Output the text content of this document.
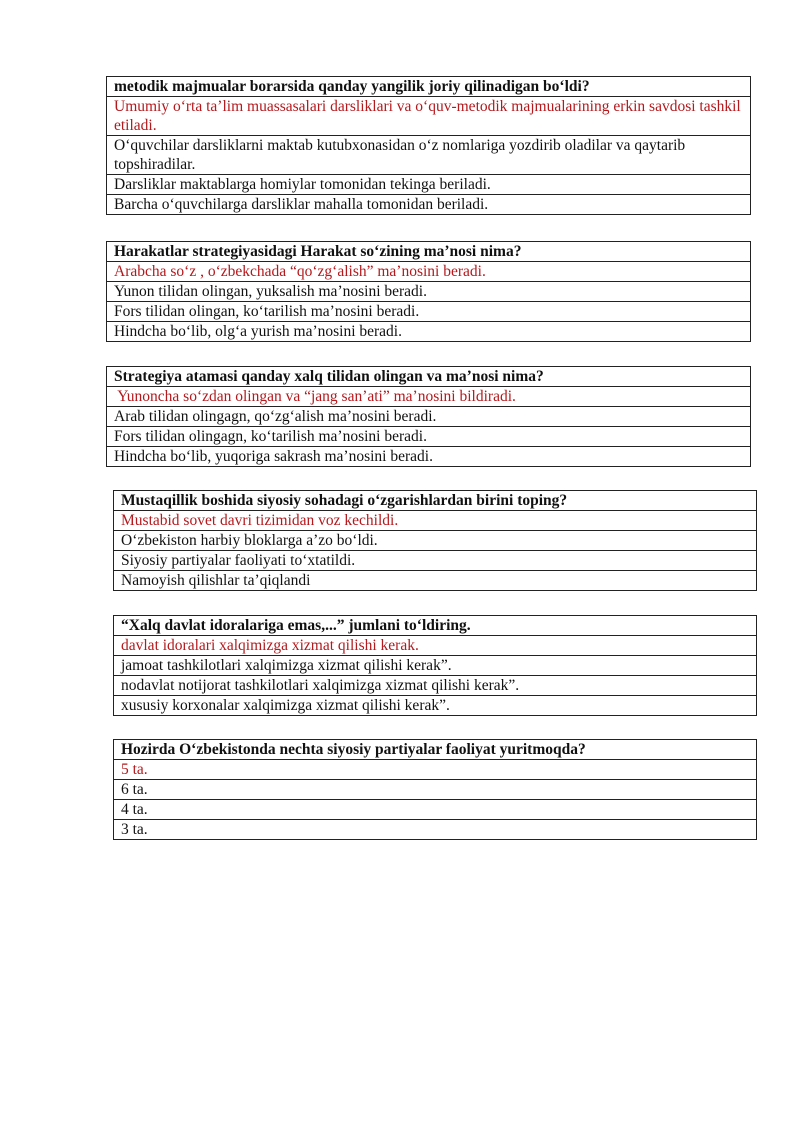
metodik majmualar borarsida qanday yangilik joriy qilinadigan bo‘ldi?
Umumiy o‘rta ta’lim muassasalari darsliklari va o‘quv-metodik majmualarining erkin savdosi tashkil etiladi.
O‘quvchilar darsliklarni maktab kutubxonasidan o‘z nomlariga yozdirib oladilar va qaytarib topshiradilar.
Darsliklar maktablarga homiylar tomonidan tekinga beriladi.
Barcha o‘quvchilarga darsliklar mahalla tomonidan beriladi.
Harakatlar strategiyasidagi Harakat so‘zining ma’nosi nima?
Arabcha so‘z , o‘zbekchada “qo‘zg‘alish” ma’nosini beradi.
Yunon tilidan olingan, yuksalish ma’nosini beradi.
Fors tilidan olingan, ko‘tarilish ma’nosini beradi.
Hindcha bo‘lib, olg‘a yurish ma’nosini beradi.
Strategiya atamasi qanday xalq tilidan olingan va ma’nosi nima?
Yunoncha so‘zdan olingan va “jang san’ati” ma’nosini bildiradi.
Arab tilidan olingagn, qo‘zg‘alish ma’nosini beradi.
Fors tilidan olingagn, ko‘tarilish ma’nosini beradi.
Hindcha bo‘lib, yuqoriga sakrash ma’nosini beradi.
Mustaqillik boshida siyosiy sohadagi o‘zgarishlardan birini toping?
Mustabid sovet davri tizimidan voz kechildi.
O‘zbekiston harbiy bloklarga a’zo bo‘ldi.
Siyosiy partiyalar faoliyati to‘xtatildi.
Namoyish qilishlar ta’qiqlandi
“Xalq davlat idoralariga emas,...” jumlani to‘ldiring.
davlat idoralari xalqimizga xizmat qilishi kerak.
jamoat tashkilotlari xalqimizga xizmat qilishi kerak”.
nodavlat notijorat tashkilotlari xalqimizga xizmat qilishi kerak”.
xususiy korxonalar xalqimizga xizmat qilishi kerak”.
Hozirda O‘zbekistonda nechta siyosiy partiyalar faoliyat yuritmoqda?
5 ta.
6 ta.
4 ta.
3 ta.
